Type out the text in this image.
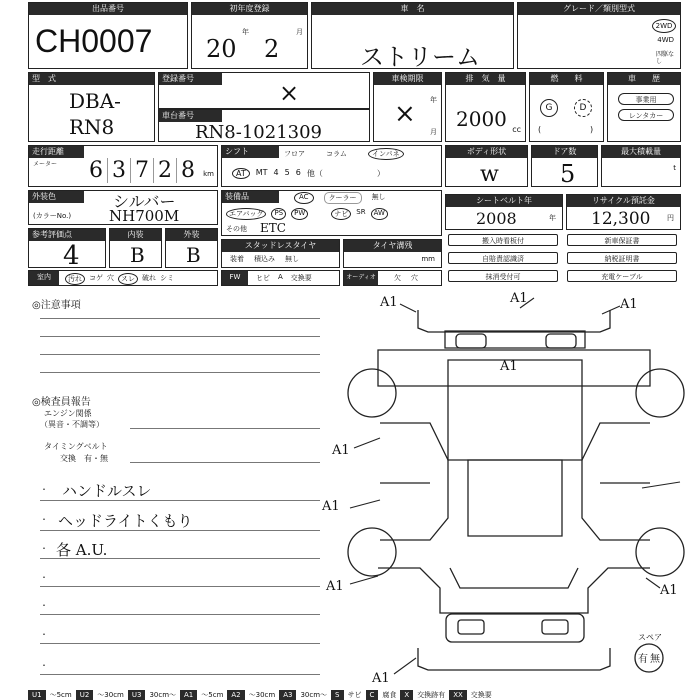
出品番号
CH0007
初年度登録
20
年
2
月
車　名
ストリーム
グレード／類別型式
2WD
4WD
四駆なし
型　式
DBA-
RN8
登録番号
×
車台番号
RN8-1021309
車検期限
年
月
×
排　気　量
2000 cc
燃　　料
G	D
(	)
車　　歴
事業用
レンタカー
走行距離
メーター 6 3 7 2 8	km
シフト	フロア	コラム	インパネ
AT	MT 4 5 6 他（	）
ボディ形状
w
ドア数
5
最大積載量
t
外装色	シルバー
(カラーNo.)	NH700M
装備品	AC	クーラー	無し
エアバッグ	PS	PW	ナビ	SR	AW
その他 ETC
シートベルト年
2008	年
リサイクル預託金
12,300 円
参考評価点
4
内装
B
外装
B	スタッドレスタイヤ
装着 積込み 無し
タイヤ溝残
mm
搬入時看板付	新車保証書
自賠責認識済	納税証明書
抹消受付可	充電ケーブル
室内	汚れ	コゲ 穴	スレ	破れ シミ	FW	ヒビ A 交換要	オーディオ	欠 穴
◎注意事項
◎検査員報告
エンジン関係
（異音・不調等）
タイミングベルト
交換　有・無
・ ハンドルスレ
・ ヘッドライトくもり
・ 各 A.U.
・
・
・
・
A1	A1	A1
A1
A1
A1
A1	A1
A1
スペア
有 無
U1	～5cm	U2	～30cm	U3	30cm～	A1	～5cm	A2	～30cm	A3	30cm～	S	サビ	C	腐食	X	交換跡有	XX	交換要
